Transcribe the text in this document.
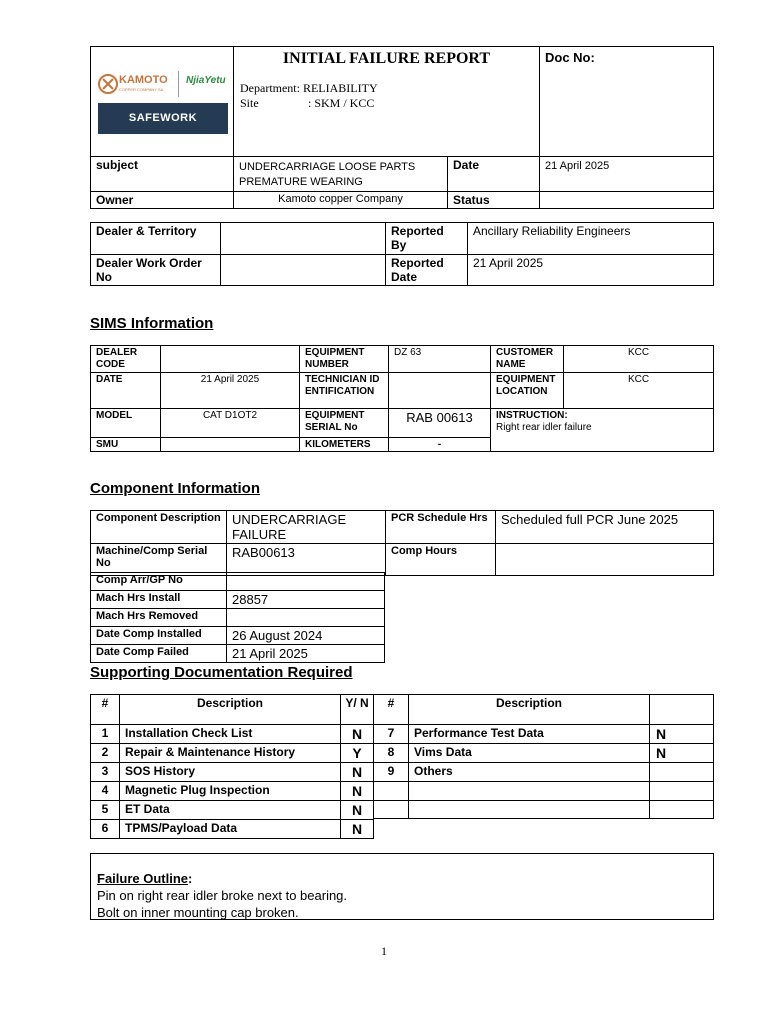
KAMOTO
COPPER COMPANY SA
NjiaYetu
SAFEWORK

INITIAL FAILURE REPORT
Department: RELIABILITY
Site	: SKM / KCC
	Doc No:
subject	UNDERCARRIAGE LOOSE PARTS
PREMATURE WEARING	Date	21 April 2025
Owner	Kamoto copper Company	Status	
Dealer & Territory		Reported By	Ancillary Reliability Engineers
Dealer Work Order No		Reported Date	21 April 2025
SIMS Information
DEALER CODE		EQUIPMENT NUMBER	DZ 63	CUSTOMER NAME	KCC
DATE	21 April 2025	TECHNICIAN IDENTIFICATION		EQUIPMENT LOCATION	KCC
MODEL	CAT D1OT2	EQUIPMENT SERIAL No	RAB 00613	INSTRUCTION:
Right rear idler failure	

SMU		KILOMETERS	-		
Component Information
Component Description	UNDERCARRIAGE FAILURE	PCR Schedule Hrs	Scheduled full PCR June 2025
Machine/Comp Serial No	RAB00613	Comp Hours	
Comp Arr/GP No	
Mach Hrs Install	28857
Mach Hrs Removed	
Date Comp Installed	26 August 2024
Date Comp Failed	21 April 2025
Supporting Documentation Required
#	Description	Y/ N
1	Installation Check List	N
2	Repair & Maintenance History	Y
3	SOS History	N
4	Magnetic Plug Inspection	N
5	ET Data	N
6	TPMS/Payload Data	N
#	Description	
7	Performance Test Data	N
8	Vims Data	N
9	Others	

Failure Outline:
Pin on right rear idler broke next to bearing.
Bolt on inner mounting cap broken.
1
